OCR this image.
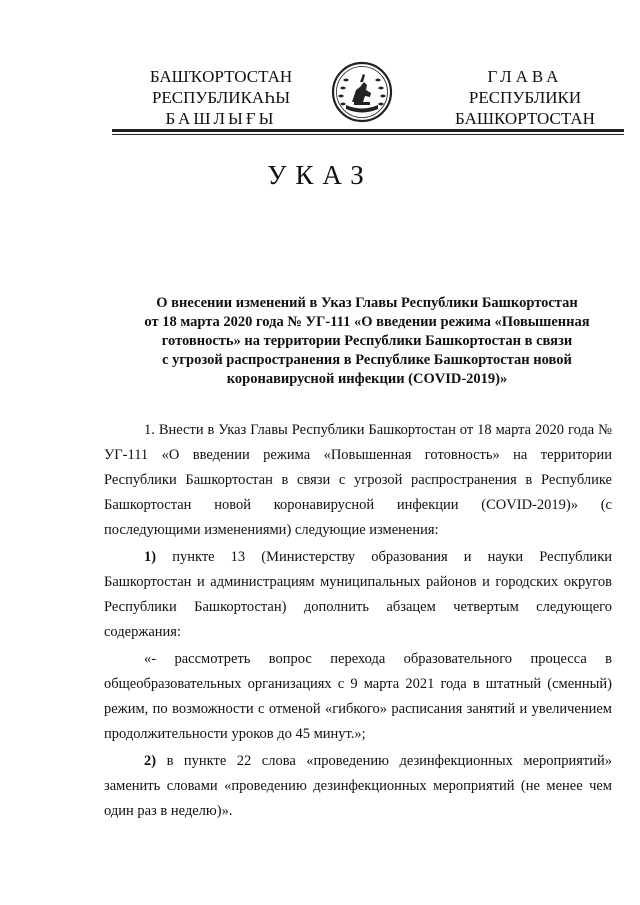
БАШҠОРТОСТАН
РЕСПУБЛИКАҺЫ
БАШЛЫҒЫ
ГЛАВА
РЕСПУБЛИКИ
БАШКОРТОСТАН
УКАЗ
О внесении изменений в Указ Главы Республики Башкортостан
от 18 марта 2020 года № УГ-111 «О введении режима «Повышенная
готовность» на территории Республики Башкортостан в связи
с угрозой распространения в Республике Башкортостан новой
коронавирусной инфекции (COVID-2019)»

1. Внести в Указ Главы Республики Башкортостан от 18 марта 2020 года № УГ-111 «О введении режима «Повышенная готовность» на территории Республики Башкортостан в связи с угрозой распространения в Республике Башкортостан новой коронавирусной инфекции (COVID-2019)» (с последующими изменениями) следующие изменения:

1) пункте 13 (Министерству образования и науки Республики Башкортостан и администрациям муниципальных районов и городских округов Республики Башкортостан) дополнить абзацем четвертым следующего содержания:

«- рассмотреть вопрос перехода образовательного процесса в общеобразовательных организациях с 9 марта 2021 года в штатный (сменный) режим, по возможности с отменой «гибкого» расписания занятий и увеличением продолжительности уроков до 45 минут.»;

2) в пункте 22 слова «проведению дезинфекционных мероприятий» заменить словами «проведению дезинфекционных мероприятий (не менее чем один раз в неделю)».
